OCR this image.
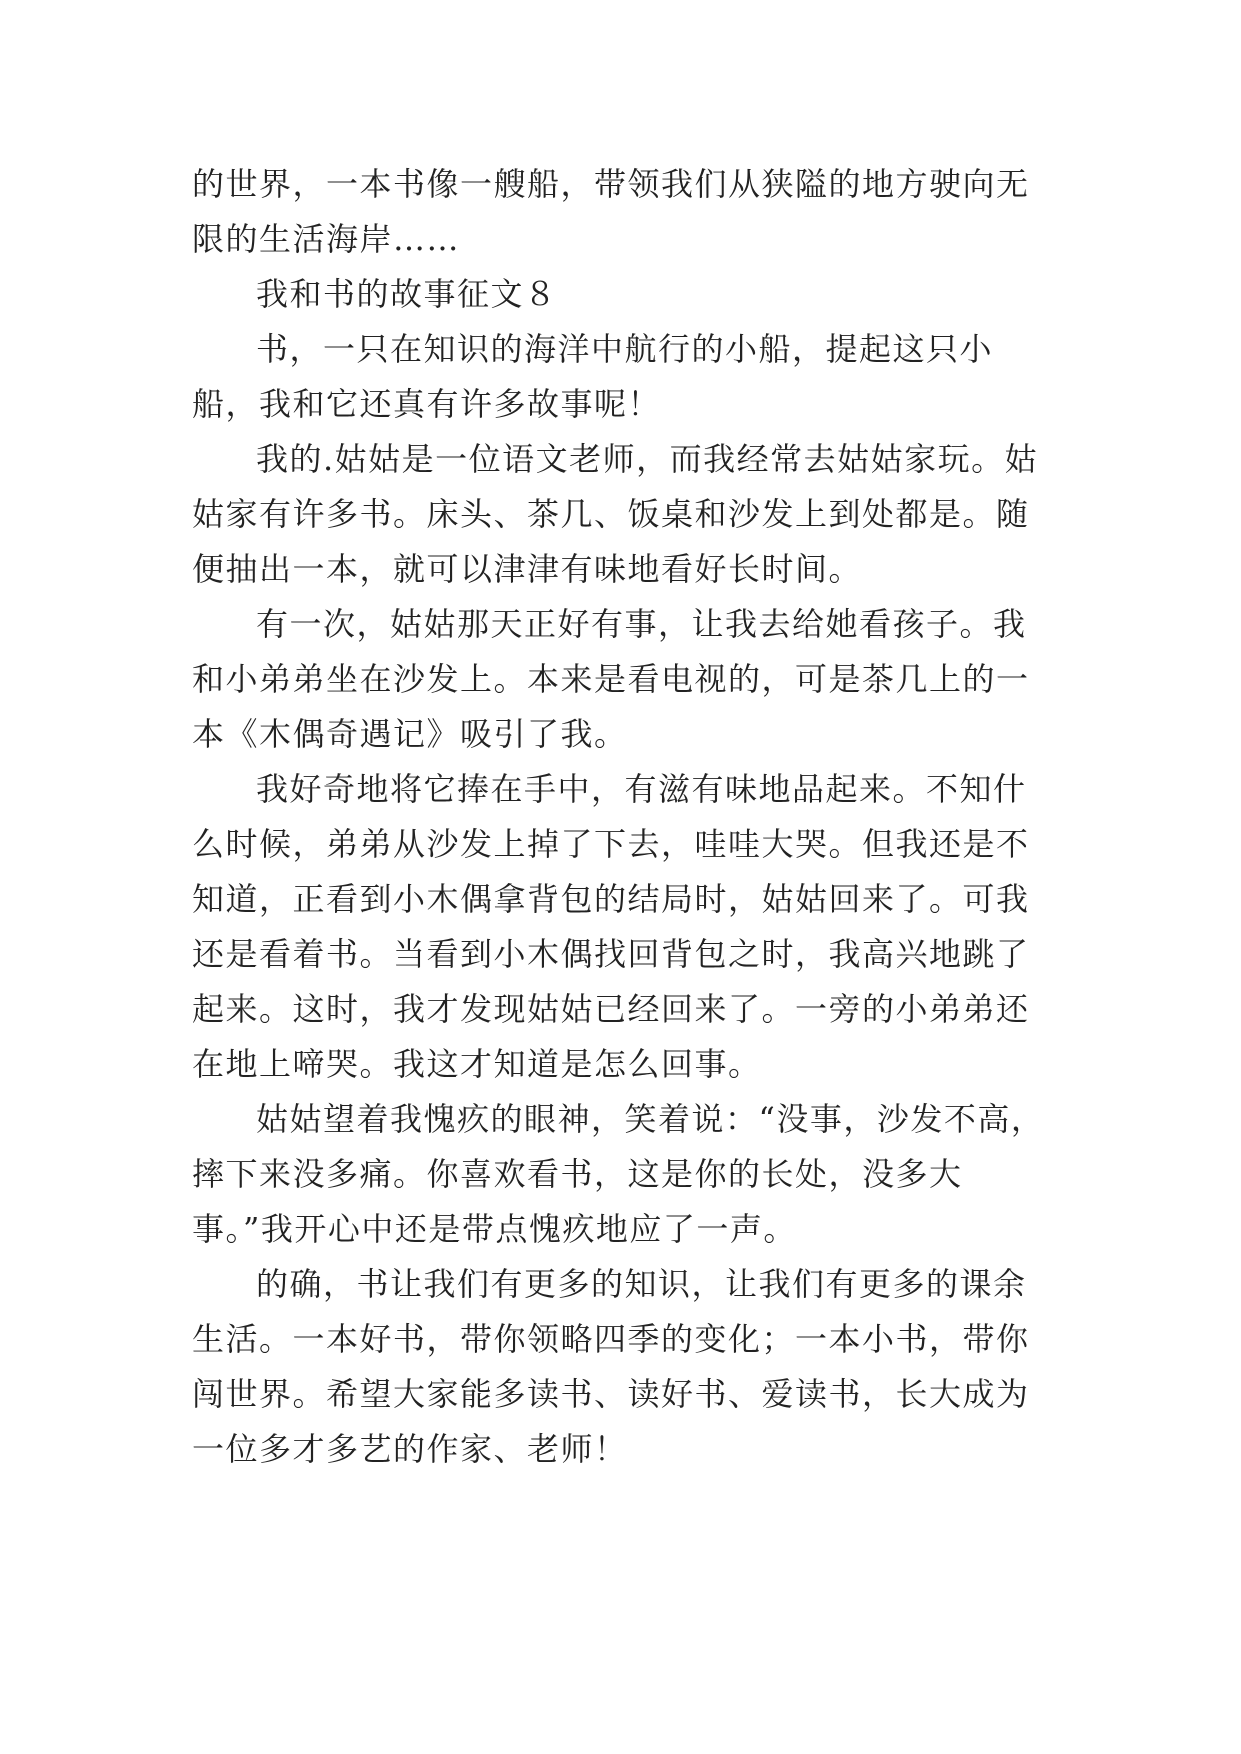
的世界，一本书像一艘船，带领我们从狭隘的地方驶向无限的生活海岸……

我和书的故事征文８

书，一只在知识的海洋中航行的小船，提起这只小船，我和它还真有许多故事呢！

我的.姑姑是一位语文老师，而我经常去姑姑家玩。姑姑家有许多书。床头、茶几、饭桌和沙发上到处都是。随便抽出一本，就可以津津有味地看好长时间。

有一次，姑姑那天正好有事，让我去给她看孩子。我和小弟弟坐在沙发上。本来是看电视的，可是茶几上的一本《木偶奇遇记》吸引了我。

我好奇地将它捧在手中，有滋有味地品起来。不知什么时候，弟弟从沙发上掉了下去，哇哇大哭。但我还是不知道，正看到小木偶拿背包的结局时，姑姑回来了。可我还是看着书。当看到小木偶找回背包之时，我高兴地跳了起来。这时，我才发现姑姑已经回来了。一旁的小弟弟还在地上啼哭。我这才知道是怎么回事。

姑姑望着我愧疚的眼神，笑着说：“没事，沙发不高，摔下来没多痛。你喜欢看书，这是你的长处，没多大事。”我开心中还是带点愧疚地应了一声。

的确，书让我们有更多的知识，让我们有更多的课余生活。一本好书，带你领略四季的变化；一本小书，带你闯世界。希望大家能多读书、读好书、爱读书，长大成为一位多才多艺的作家、老师！
